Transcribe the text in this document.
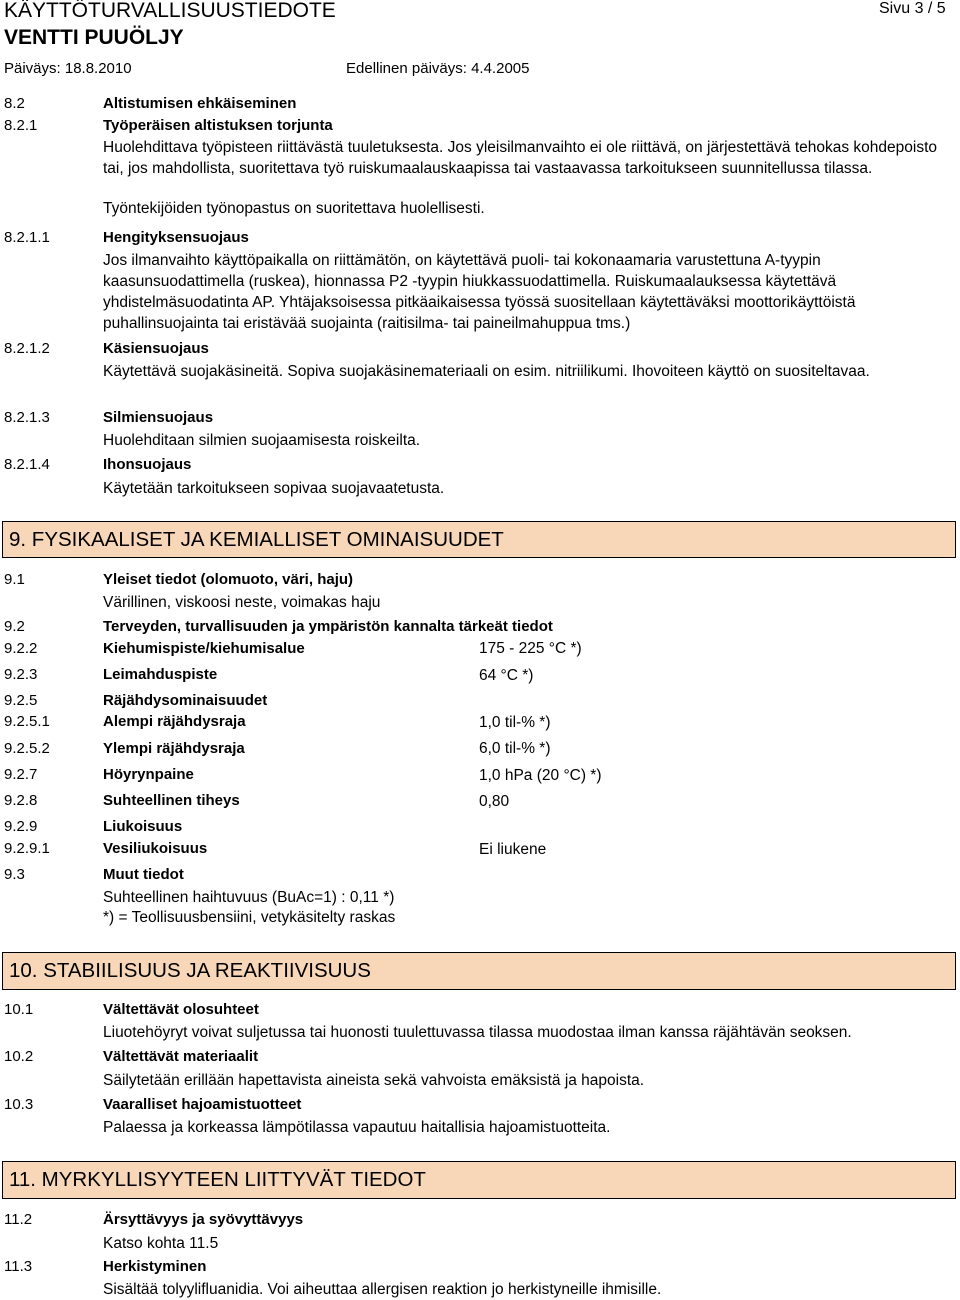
KÄYTTÖTURVALLISUUSTIEDOTE	Sivu 3 / 5
VENTTI PUUÖLJY
Päiväys: 18.8.2010	Edellinen päiväys: 4.4.2005
8.2	Altistumisen ehkäiseminen
8.2.1	Työperäisen altistuksen torjunta
Huolehdittava työpisteen riittävästä tuuletuksesta. Jos yleisilmanvaihto ei ole riittävä, on järjestettävä tehokas kohdepoisto tai, jos mahdollista, suoritettava työ ruiskumaalauskaapissa tai vastaavassa tarkoitukseen suunnitellussa tilassa.
Työntekijöiden työnopastus on suoritettava huolellisesti.
8.2.1.1	Hengityksensuojaus
Jos ilmanvaihto käyttöpaikalla on riittämätön, on käytettävä puoli- tai kokonaamaria varustettuna A-tyypin kaasunsuodattimella (ruskea), hionnassa P2 -tyypin hiukkassuodattimella. Ruiskumaalauksessa käytettävä yhdistelmäsuodatinta AP. Yhtäjaksoisessa pitkäaikaisessa työssä suositellaan käytettäväksi moottorikäyttöistä puhallinsuojainta tai eristävää suojainta (raitisilma- tai paineilmahuppua tms.)
8.2.1.2	Käsiensuojaus
Käytettävä suojakäsineitä. Sopiva suojakäsinemateriaali on esim. nitriilikumi. Ihovoiteen käyttö on suositeltavaa.
8.2.1.3	Silmiensuojaus
Huolehditaan silmien suojaamisesta roiskeilta.
8.2.1.4	Ihonsuojaus
Käytetään tarkoitukseen sopivaa suojavaatetusta.
9. FYSIKAALISET JA KEMIALLISET OMINAISUUDET
9.1	Yleiset tiedot (olomuoto, väri, haju)
Värillinen, viskoosi neste, voimakas haju
9.2	Terveyden, turvallisuuden ja ympäristön kannalta tärkeät tiedot
9.2.2	Kiehumispiste/kiehumisalue	175 - 225 °C *)
9.2.3	Leimahduspiste	64 °C *)
9.2.5	Räjähdysominaisuudet
9.2.5.1	Alempi räjähdysraja	1,0 til-% *)
9.2.5.2	Ylempi räjähdysraja	6,0 til-% *)
9.2.7	Höyrynpaine	1,0 hPa (20 °C) *)
9.2.8	Suhteellinen tiheys	0,80
9.2.9	Liukoisuus
9.2.9.1	Vesiliukoisuus	Ei liukene
9.3	Muut tiedot
Suhteellinen haihtuvuus (BuAc=1) : 0,11 *)
*) = Teollisuusbensiini, vetykäsitelty raskas
10. STABIILISUUS JA REAKTIIVISUUS
10.1	Vältettävät olosuhteet
Liuotehöyryt voivat suljetussa tai huonosti tuulettuvassa tilassa muodostaa ilman kanssa räjähtävän seoksen.
10.2	Vältettävät materiaalit
Säilytetään erillään hapettavista aineista sekä vahvoista emäksistä ja hapoista.
10.3	Vaaralliset hajoamistuotteet
Palaessa ja korkeassa lämpötilassa vapautuu haitallisia hajoamistuotteita.
11. MYRKYLLISYYTEEN LIITTYVÄT TIEDOT
11.2	Ärsyttävyys ja syövyttävyys
Katso kohta 11.5
11.3	Herkistyminen
Sisältää tolyylifluanidia. Voi aiheuttaa allergisen reaktion jo herkistyneille ihmisille.
